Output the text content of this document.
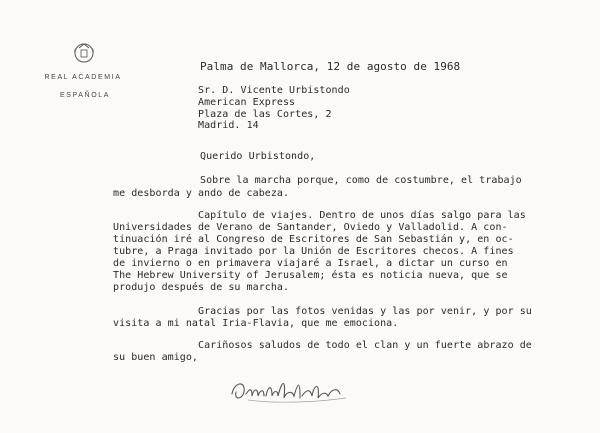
REAL ACADEMIA
ESPAÑOLA
Palma de Mallorca, 12 de agosto de 1968
Sr. D. Vicente Urbistondo
American Express
Plaza de las Cortes, 2
Madrid. 14
Querido Urbistondo,
Sobre la marcha porque, como de costumbre, el trabajo
me desborda y ando de cabeza.
Capítulo de viajes. Dentro de unos días salgo para las
Universidades de Verano de Santander, Oviedo y Valladolid. A con-
tinuación iré al Congreso de Escritores de San Sebastián y, en oc-
tubre, a Praga invitado por la Unión de Escritores checos. A fines
de invierno o en primavera viajaré a Israel, a dictar un curso en
The Hebrew University of Jerusalem; ésta es noticia nueva, que se
produjo después de su marcha.
Gracias por las fotos venidas y las por venir, y por su
visita a mi natal Iria-Flavia, que me emociona.
Cariñosos saludos de todo el clan y un fuerte abrazo de
su buen amigo,
